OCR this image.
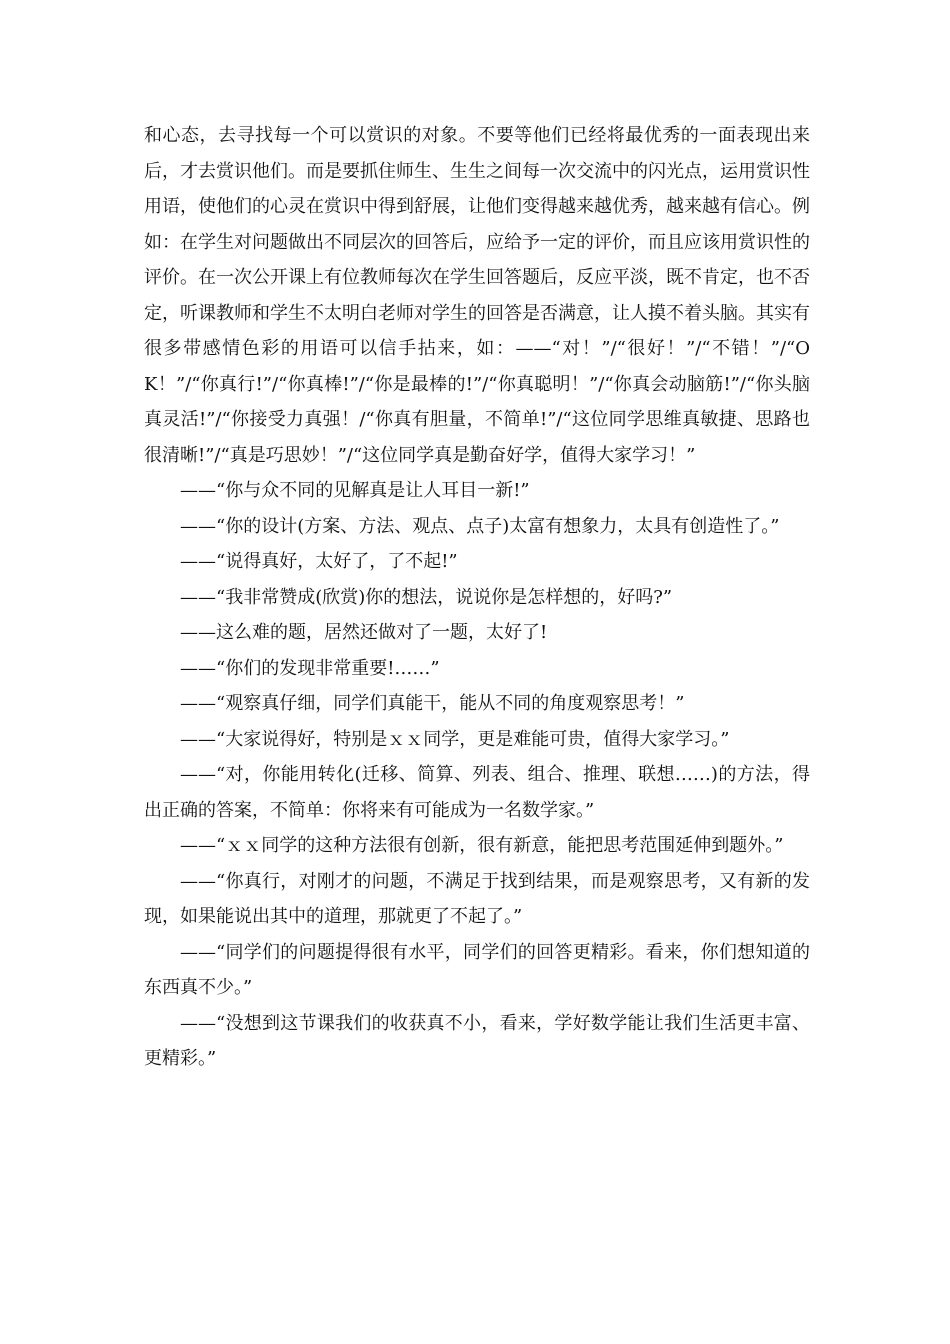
和心态，去寻找每一个可以赏识的对象。不要等他们已经将最优秀的一面表现出来后，才去赏识他们。而是要抓住师生、生生之间每一次交流中的闪光点，运用赏识性用语，使他们的心灵在赏识中得到舒展，让他们变得越来越优秀，越来越有信心。例如：在学生对问题做出不同层次的回答后，应给予一定的评价，而且应该用赏识性的评价。在一次公开课上有位教师每次在学生回答题后，反应平淡，既不肯定，也不否定，听课教师和学生不太明白老师对学生的回答是否满意，让人摸不着头脑。其实有很多带感情色彩的用语可以信手拈来，如：——“对！”/“很好！”/“不错！”/“OK！”/“你真行!”/“你真棒!”/“你是最棒的!”/“你真聪明！”/“你真会动脑筋!”/“你头脑真灵活!”/“你接受力真强！/“你真有胆量，不简单!”/“这位同学思维真敏捷、思路也很清晰!”/“真是巧思妙！”/“这位同学真是勤奋好学，值得大家学习！”

——“你与众不同的见解真是让人耳目一新!”

——“你的设计(方案、方法、观点、点子)太富有想象力，太具有创造性了。”

——“说得真好，太好了，了不起!”

——“我非常赞成(欣赏)你的想法，说说你是怎样想的，好吗?”

——这么难的题，居然还做对了一题，太好了!

——“你们的发现非常重要!……”

——“观察真仔细，同学们真能干，能从不同的角度观察思考！”

——“大家说得好，特别是ｘｘ同学，更是难能可贵，值得大家学习。”

——“对，你能用转化(迁移、简算、列表、组合、推理、联想……)的方法，得出正确的答案，不简单：你将来有可能成为一名数学家。”

——“ｘｘ同学的这种方法很有创新，很有新意，能把思考范围延伸到题外。”

——“你真行，对刚才的问题，不满足于找到结果，而是观察思考，又有新的发现，如果能说出其中的道理，那就更了不起了。”

——“同学们的问题提得很有水平，同学们的回答更精彩。看来，你们想知道的东西真不少。”

——“没想到这节课我们的收获真不小，看来，学好数学能让我们生活更丰富、更精彩。”
